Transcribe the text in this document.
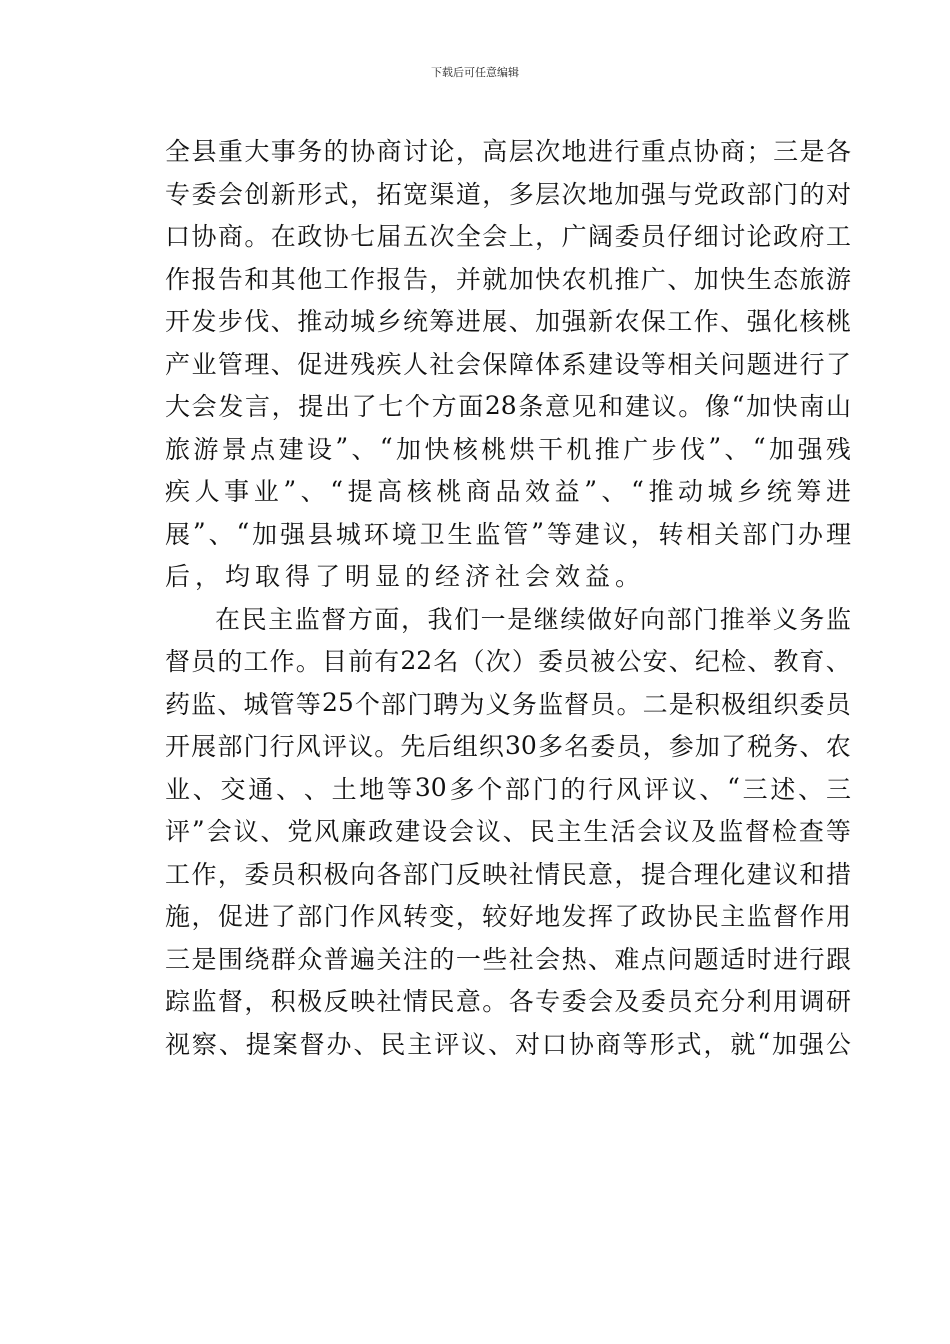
下载后可任意编辑
全 县 重 大 事 务 的 协 商 讨 论 ， 高 层 次 地 进 行 重 点 协 商 ； 三 是 各
专 委 会 创 新 形 式 ， 拓 宽 渠 道 ， 多 层 次 地 加 强 与 党 政 部 门 的 对
口 协 商 。 在 政 协 七 届 五 次 全 会 上 ， 广 阔 委 员 仔 细 讨 论 政 府 工
作 报 告 和 其 他 工 作 报 告 ， 并 就 加 快 农 机 推 广 、 加 快 生 态 旅 游
开 发 步 伐 、 推 动 城 乡 统 筹 进 展 、 加 强 新 农 保 工 作 、 强 化 核 桃
产 业 管 理 、 促 进 残 疾 人 社 会 保 障 体 系 建 设 等 相 关 问 题 进 行 了
大 会 发 言 ， 提 出 了 七 个 方 面 28 条 意 见 和 建 议 。 像 “ 加 快 南 山
旅 游 景 点 建 设 ” 、 “ 加 快 核 桃 烘 干 机 推 广 步 伐 ” 、 “ 加 强 残
疾 人 事 业 ” 、 “ 提 高 核 桃 商 品 效 益 ” 、 “ 推 动 城 乡 统 筹 进
展 ” 、 “ 加 强 县 城 环 境 卫 生 监 管 ” 等 建 议 ， 转 相 关 部 门 办 理
后，均取得了明显的经济社会效益。
在 民 主 监 督 方 面 ， 我 们 一 是 继 续 做 好 向 部 门 推 举 义 务 监
督 员 的 工 作 。 目 前 有 22 名 （ 次 ） 委 员 被 公 安 、 纪 检 、 教 育 、
药 监 、 城 管 等 25 个 部 门 聘 为 义 务 监 督 员 。 二 是 积 极 组 织 委 员
开 展 部 门 行 风 评 议 。 先 后 组 织 30 多 名 委 员 ， 参 加 了 税 务 、 农
业 、 交 通 、 、 土 地 等 30 多 个 部 门 的 行 风 评 议 、 “ 三 述 、 三
评 ” 会 议 、 党 风 廉 政 建 设 会 议 、 民 主 生 活 会 议 及 监 督 检 查 等
工 作 ， 委 员 积 极 向 各 部 门 反 映 社 情 民 意 ， 提 合 理 化 建 议 和 措
施 ， 促 进 了 部 门 作 风 转 变 ， 较 好 地 发 挥 了 政 协 民 主 监 督 作 用
三 是 围 绕 群 众 普 遍 关 注 的 一 些 社 会 热 、 难 点 问 题 适 时 进 行 跟
踪 监 督 ， 积 极 反 映 社 情 民 意 。 各 专 委 会 及 委 员 充 分 利 用 调 研
视 察 、 提 案 督 办 、 民 主 评 议 、 对 口 协 商 等 形 式 ， 就 “ 加 强 公
